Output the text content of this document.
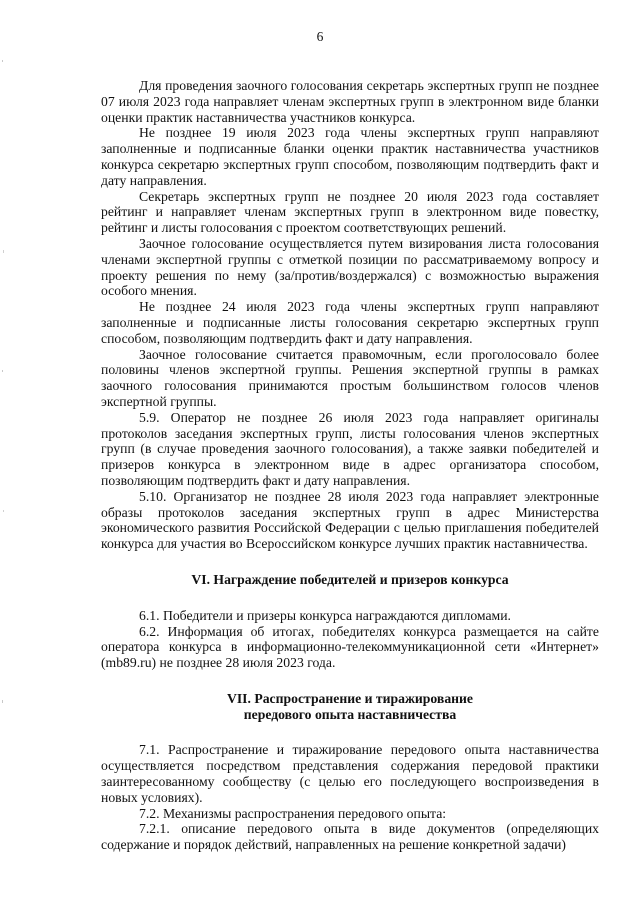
6

Для проведения заочного голосования секретарь экспертных групп не позднее 07 июля 2023 года направляет членам экспертных групп в электронном виде бланки оценки практик наставничества участников конкурса.

Не позднее 19 июля 2023 года члены экспертных групп направляют заполненные и подписанные бланки оценки практик наставничества участников конкурса секретарю экспертных групп способом, позволяющим подтвердить факт и дату направления.

Секретарь экспертных групп не позднее 20 июля 2023 года составляет рейтинг и направляет членам экспертных групп в электронном виде повестку, рейтинг и листы голосования с проектом соответствующих решений.

Заочное голосование осуществляется путем визирования листа голосования членами экспертной группы с отметкой позиции по рассматриваемому вопросу и проекту решения по нему (за/против/воздержался) с возможностью выражения особого мнения.

Не позднее 24 июля 2023 года члены экспертных групп направляют заполненные и подписанные листы голосования секретарю экспертных групп способом, позволяющим подтвердить факт и дату направления.

Заочное голосование считается правомочным, если проголосовало более половины членов экспертной группы. Решения экспертной группы в рамках заочного голосования принимаются простым большинством голосов членов экспертной группы.

5.9. Оператор не позднее 26 июля 2023 года направляет оригиналы протоколов заседания экспертных групп, листы голосования членов экспертных групп (в случае проведения заочного голосования), а также заявки победителей и призеров конкурса в электронном виде в адрес организатора способом, позволяющим подтвердить факт и дату направления.

5.10. Организатор не позднее 28 июля 2023 года направляет электронные образы протоколов заседания экспертных групп в адрес Министерства экономического развития Российской Федерации с целью приглашения победителей конкурса для участия во Всероссийском конкурсе лучших практик наставничества.

VI. Награждение победителей и призеров конкурса

6.1. Победители и призеры конкурса награждаются дипломами.

6.2. Информация об итогах, победителях конкурса размещается на сайте оператора конкурса в информационно-телекоммуникационной сети «Интернет» (mb89.ru) не позднее 28 июля 2023 года.

VII. Распространение и тиражирование
передового опыта наставничества

7.1. Распространение и тиражирование передового опыта наставничества осуществляется посредством представления содержания передовой практики заинтересованному сообществу (с целью его последующего воспроизведения в новых условиях).

7.2. Механизмы распространения передового опыта:

7.2.1. описание передового опыта в виде документов (определяющих содержание и порядок действий, направленных на решение конкретной задачи)
